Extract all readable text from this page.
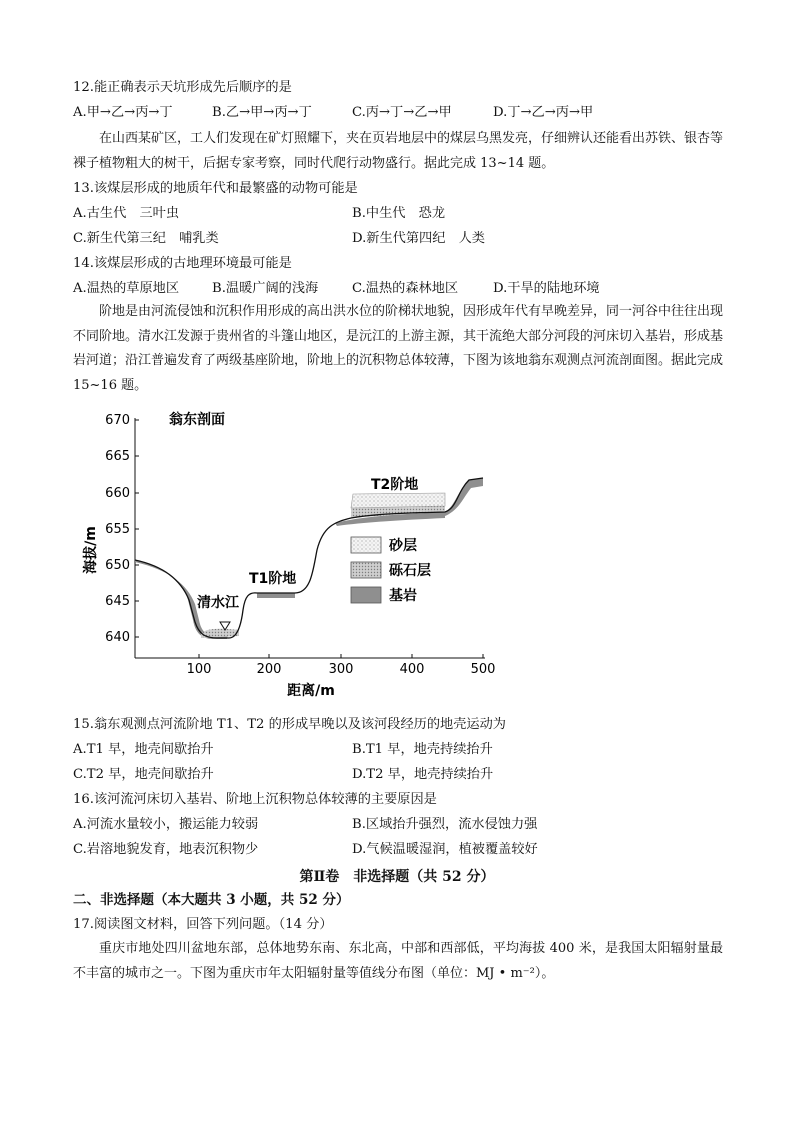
12.能正确表示天坑形成先后顺序的是
A.甲→乙→丙→丁	B.乙→甲→丙→丁	C.丙→丁→乙→甲	D.丁→乙→丙→甲
在山西某矿区，工人们发现在矿灯照耀下，夹在页岩地层中的煤层乌黑发亮，仔细辨认还能看出苏铁、银杏等裸子植物粗大的树干，后据专家考察，同时代爬行动物盛行。据此完成 13~14 题。
13.该煤层形成的地质年代和最繁盛的动物可能是
A.古生代　三叶虫	B.中生代　恐龙
C.新生代第三纪　哺乳类	D.新生代第四纪　人类
14.该煤层形成的古地理环境最可能是
A.温热的草原地区 B.温暖广阔的浅海	C.温热的森林地区	D.干旱的陆地环境
阶地是由河流侵蚀和沉积作用形成的高出洪水位的阶梯状地貌，因形成年代有早晚差异，同一河谷中往往出现不同阶地。清水江发源于贵州省的斗篷山地区，是沅江的上游主源，其干流绝大部分河段的河床切入基岩，形成基岩河道；沿江普遍发育了两级基座阶地，阶地上的沉积物总体较薄，下图为该地翁东观测点河流剖面图。据此完成 15~16 题。
670
665
660
655
650
645
640
100	200	300	400	500
海拔/m
距离/m
翁东剖面
清水江
T1阶地
T2阶地
砂层
砾石层
基岩
15.翁东观测点河流阶地 T1、T2 的形成早晚以及该河段经历的地壳运动为
A.T1 早，地壳间歇抬升	B.T1 早，地壳持续抬升
C.T2 早，地壳间歇抬升	D.T2 早，地壳持续抬升
16.该河流河床切入基岩、阶地上沉积物总体较薄的主要原因是
A.河流水量较小，搬运能力较弱	B.区域抬升强烈，流水侵蚀力强
C.岩溶地貌发育，地表沉积物少	D.气候温暖湿润，植被覆盖较好
第Ⅱ卷　非选择题（共 52 分）
二、非选择题（本大题共 3 小题，共 52 分）
17.阅读图文材料，回答下列问题。（14 分）
重庆市地处四川盆地东部，总体地势东南、东北高，中部和西部低，平均海拔 400 米，是我国太阳辐射量最不丰富的城市之一。下图为重庆市年太阳辐射量等值线分布图（单位：MJ • m⁻²）。
